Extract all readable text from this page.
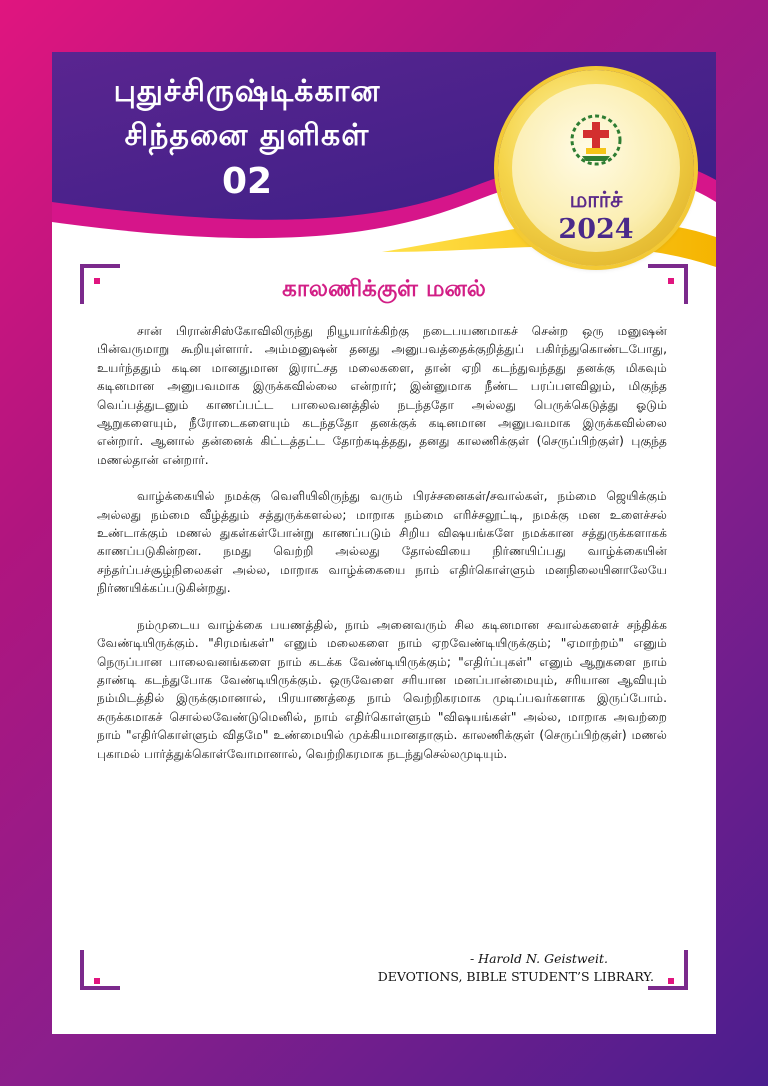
புதுச்சிருஷ்டிக்கான
சிந்தனை துளிகள்
02	மார்ச்
2024
காலணிக்குள் மனல்

சான் பிரான்சிஸ்கோவிலிருந்து நியூயார்க்கிற்கு நடைபயணமாகச் சென்ற ஒரு மனுஷன் பின்வருமாறு கூறியுள்ளார். அம்மனுஷன் தனது அனுபவத்தைக்குறித்துப் பகிர்ந்துகொண்டபோது, உயர்ந்ததும் கடின மானதுமான இராட்சத மலைகளை, தான் ஏறி கடந்துவந்தது தனக்கு மிகவும் கடினமான அனுபவமாக இருக்கவில்லை என்றார்; இன்னுமாக நீண்ட பரப்பளவிலும், மிகுந்த வெப்பத்துடனும் காணப்பட்ட பாலைவனத்தில் நடந்ததோ அல்லது பெருக்கெடுத்து ஓடும் ஆறுகளையும், நீரோடைகளையும் கடந்ததோ தனக்குக் கடினமான அனுபவமாக இருக்கவில்லை என்றார். ஆனால் தன்னைக் கிட்டத்தட்ட தோற்கடித்தது, தனது காலணிக்குள் (செருப்பிற்குள்) புகுந்த மணல்தான் என்றார்.

வாழ்க்கையில் நமக்கு வெளியிலிருந்து வரும் பிரச்சனைகள்/சவால்கள், நம்மை ஜெயிக்கும் அல்லது நம்மை வீழ்த்தும் சத்துருக்களல்ல; மாறாக நம்மை எரிச்சலூட்டி, நமக்கு மன உளைச்சல் உண்டாக்கும் மணல் துகள்கள்போன்று காணப்படும் சிறிய விஷயங்களே நமக்கான சத்துருக்களாகக் காணப்படுகின்றன. நமது வெற்றி அல்லது தோல்வியை நிர்ணயிப்பது வாழ்க்கையின் சந்தர்ப்பச்சூழ்நிலைகள் அல்ல, மாறாக வாழ்க்கையை நாம் எதிர்கொள்ளும் மனநிலையினாலேயே நிர்ணயிக்கப்படுகின்றது.

நம்முடைய வாழ்க்கை பயணத்தில், நாம் அனைவரும் சில கடினமான சவால்களைச் சந்திக்க வேண்டியிருக்கும். "சிரமங்கள்" எனும் மலைகளை நாம் ஏறவேண்டியிருக்கும்; "ஏமாற்றம்" எனும் நெருப்பான பாலைவனங்களை நாம் கடக்க வேண்டியிருக்கும்; "எதிர்ப்புகள்" எனும் ஆறுகளை நாம் தாண்டி கடந்துபோக வேண்டியிருக்கும். ஒருவேளை சரியான மனப்பான்மையும், சரியான ஆவியும் நம்மிடத்தில் இருக்குமானால், பிரயாணத்தை நாம் வெற்றிகரமாக முடிப்பவர்களாக இருப்போம். சுருக்கமாகச் சொல்லவேண்டுமெனில், நாம் எதிர்கொள்ளும் "விஷயங்கள்" அல்ல, மாறாக அவற்றை நாம் "எதிர்கொள்ளும் விதமே" உண்மையில் முக்கியமானதாகும். காலணிக்குள் (செருப்பிற்குள்) மணல் புகாமல் பார்த்துக்கொள்வோமானால், வெற்றிகரமாக நடந்துசெல்லமுடியும்.

- Harold N. Geistweit.
DEVOTIONS, BIBLE STUDENT’S LIBRARY.
